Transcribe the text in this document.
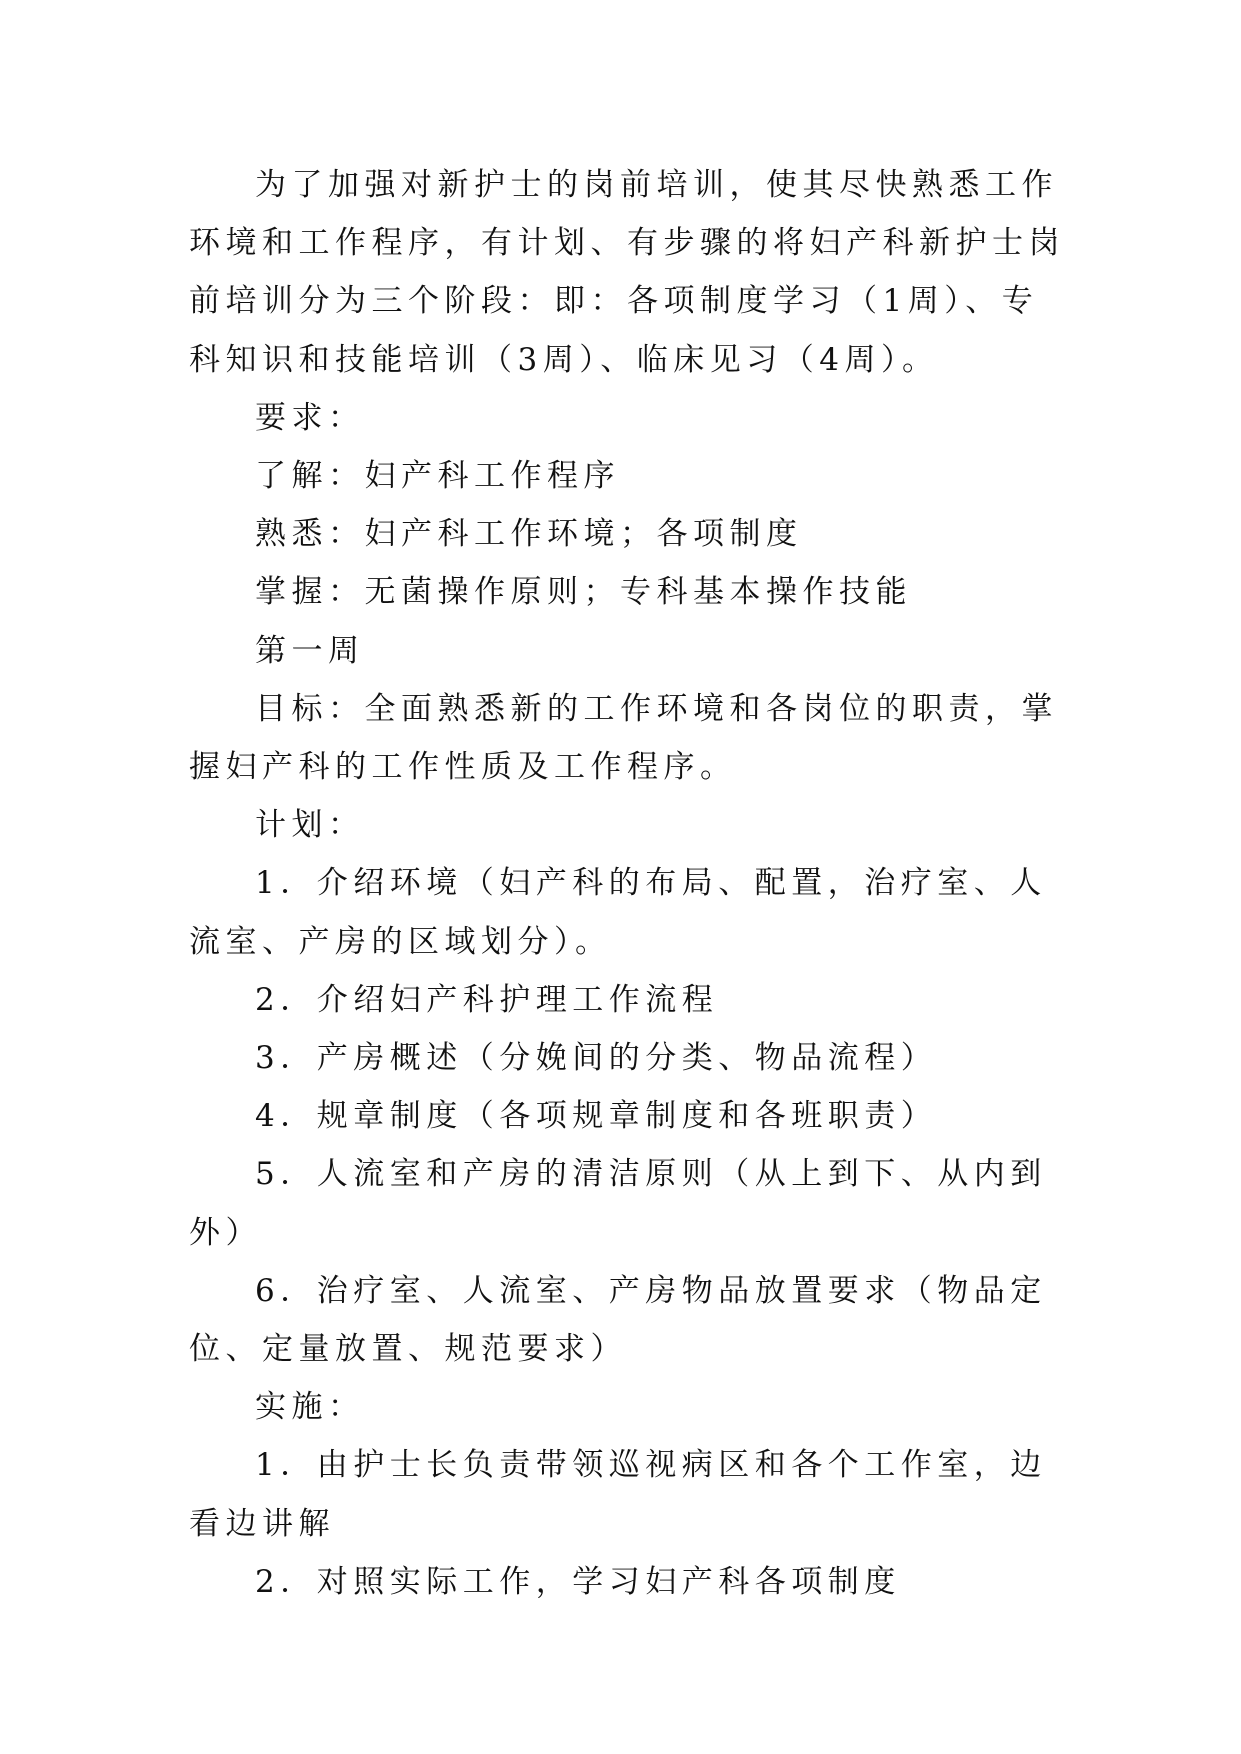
为了加强对新护士的岗前培训，使其尽快熟悉工作环境和工作程序，有计划、有步骤的将妇产科新护士岗前培训分为三个阶段：即：各项制度学习（1周）、专科知识和技能培训（3周）、临床见习（4周）。

要求：

了解：妇产科工作程序

熟悉：妇产科工作环境；各项制度

掌握：无菌操作原则；专科基本操作技能

第一周

目标：全面熟悉新的工作环境和各岗位的职责，掌握妇产科的工作性质及工作程序。

计划：

1．介绍环境（妇产科的布局、配置，治疗室、人流室、产房的区域划分）。

2．介绍妇产科护理工作流程

3．产房概述（分娩间的分类、物品流程）

4．规章制度（各项规章制度和各班职责）

5．人流室和产房的清洁原则（从上到下、从内到外）

6．治疗室、人流室、产房物品放置要求（物品定位、定量放置、规范要求）

实施：

1．由护士长负责带领巡视病区和各个工作室，边看边讲解

2．对照实际工作，学习妇产科各项制度
